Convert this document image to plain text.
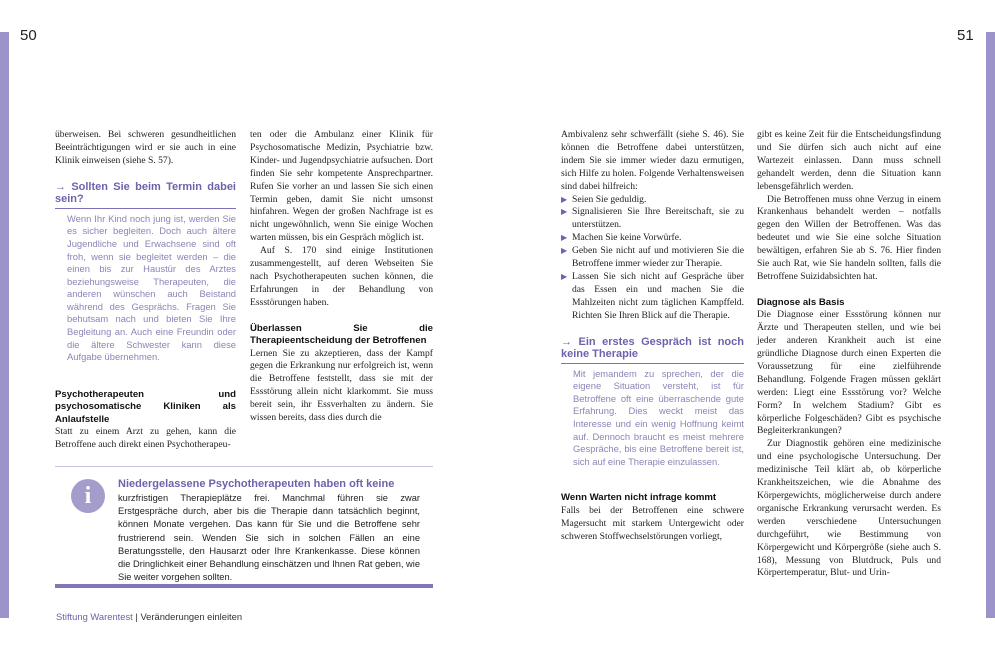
50	51

überweisen. Bei schweren gesundheitlichen Beeinträchtigungen wird er sie auch in eine Klinik einweisen (siehe S. 57).

→ Sollten Sie beim Termin dabei sein?
Wenn Ihr Kind noch jung ist, werden Sie es sicher begleiten. Doch auch ältere Jugendliche und Erwachsene sind oft froh, wenn sie begleitet werden – die einen bis zur Haustür des Arztes beziehungsweise Therapeuten, die anderen wünschen auch Beistand während des Gesprächs. Fragen Sie behutsam nach und bieten Sie Ihre Begleitung an. Auch eine Freundin oder die ältere Schwester kann diese Aufgabe übernehmen.
Psychotherapeuten und psychosomatische Kliniken als Anlaufstelle

Statt zu einem Arzt zu gehen, kann die Betroffene auch direkt einen Psychotherapeu-

ten oder die Ambulanz einer Klinik für Psychosomatische Medizin, Psychiatrie bzw. Kinder- und Jugendpsychiatrie aufsuchen. Dort finden Sie sehr kompetente Ansprechpartner. Rufen Sie vorher an und lassen Sie sich einen Termin geben, damit Sie nicht umsonst hinfahren. Wegen der großen Nachfrage ist es nicht ungewöhnlich, wenn Sie einige Wochen warten müssen, bis ein Gespräch möglich ist.

Auf S. 170 sind einige Institutionen zusammengestellt, auf deren Webseiten Sie nach Psychotherapeuten suchen können, die Erfahrungen in der Behandlung von Essstörungen haben.

Überlassen Sie die Therapieentscheidung der Betroffenen

Lernen Sie zu akzeptieren, dass der Kampf gegen die Erkrankung nur erfolgreich ist, wenn die Betroffene feststellt, dass sie mit der Essstörung allein nicht klarkommt. Sie muss bereit sein, ihr Essverhalten zu ändern. Sie wissen bereits, dass dies durch die

i	Niedergelassene Psychotherapeuten haben oft keine
kurzfristigen Therapieplätze frei. Manchmal führen sie zwar Erstgespräche durch, aber bis die Therapie dann tatsächlich beginnt, können Monate vergehen. Das kann für Sie und die Betroffene sehr frustrierend sein. Wenden Sie sich in solchen Fällen an eine Beratungsstelle, den Hausarzt oder Ihre Krankenkasse. Diese können die Dringlichkeit einer Behandlung einschätzen und Ihnen Rat geben, wie Sie weiter vorgehen sollten.
Stiftung Warentest | Veränderungen einleiten

Ambivalenz sehr schwerfällt (siehe S. 46). Sie können die Betroffene dabei unterstützen, indem Sie sie immer wieder dazu ermutigen, sich Hilfe zu holen. Folgende Verhaltensweisen sind dabei hilfreich:

▶ Seien Sie geduldig.
▶ Signalisieren Sie Ihre Bereitschaft, sie zu unterstützen.
▶ Machen Sie keine Vorwürfe.
▶ Geben Sie nicht auf und motivieren Sie die Betroffene immer wieder zur Therapie.
▶ Lassen Sie sich nicht auf Gespräche über das Essen ein und machen Sie die Mahlzeiten nicht zum täglichen Kampffeld. Richten Sie Ihren Blick auf die Therapie.
→ Ein erstes Gespräch ist noch keine Therapie
Mit jemandem zu sprechen, der die eigene Situation versteht, ist für Betroffene oft eine überraschende gute Erfahrung. Dies weckt meist das Interesse und ein wenig Hoffnung keimt auf. Dennoch braucht es meist mehrere Gespräche, bis eine Betroffene bereit ist, sich auf eine Therapie einzulassen.
Wenn Warten nicht infrage kommt

Falls bei der Betroffenen eine schwere Magersucht mit starkem Untergewicht oder schweren Stoffwechselstörungen vorliegt,

gibt es keine Zeit für die Entscheidungsfindung und Sie dürfen sich auch nicht auf eine Wartezeit einlassen. Dann muss schnell gehandelt werden, denn die Situation kann lebensgefährlich werden.

Die Betroffenen muss ohne Verzug in einem Krankenhaus behandelt werden – notfalls gegen den Willen der Betroffenen. Was das bedeutet und wie Sie eine solche Situation bewältigen, erfahren Sie ab S. 76. Hier finden Sie auch Rat, wie Sie handeln sollten, falls die Betroffene Suizidabsichten hat.

Diagnose als Basis

Die Diagnose einer Essstörung können nur Ärzte und Therapeuten stellen, und wie bei jeder anderen Krankheit auch ist eine gründliche Diagnose durch einen Experten die Voraussetzung für eine zielführende Behandlung. Folgende Fragen müssen geklärt werden: Liegt eine Essstörung vor? Welche Form? In welchem Stadium? Gibt es körperliche Folgeschäden? Gibt es psychische Begleiterkrankungen?

Zur Diagnostik gehören eine medizinische und eine psychologische Untersuchung. Der medizinische Teil klärt ab, ob körperliche Krankheitszeichen, wie die Abnahme des Körpergewichts, möglicherweise durch andere organische Erkrankung verursacht werden. Es werden verschiedene Untersuchungen durchgeführt, wie Bestimmung von Körpergewicht und Körpergröße (siehe auch S. 168), Messung von Blutdruck, Puls und Körpertemperatur, Blut- und Urin-
